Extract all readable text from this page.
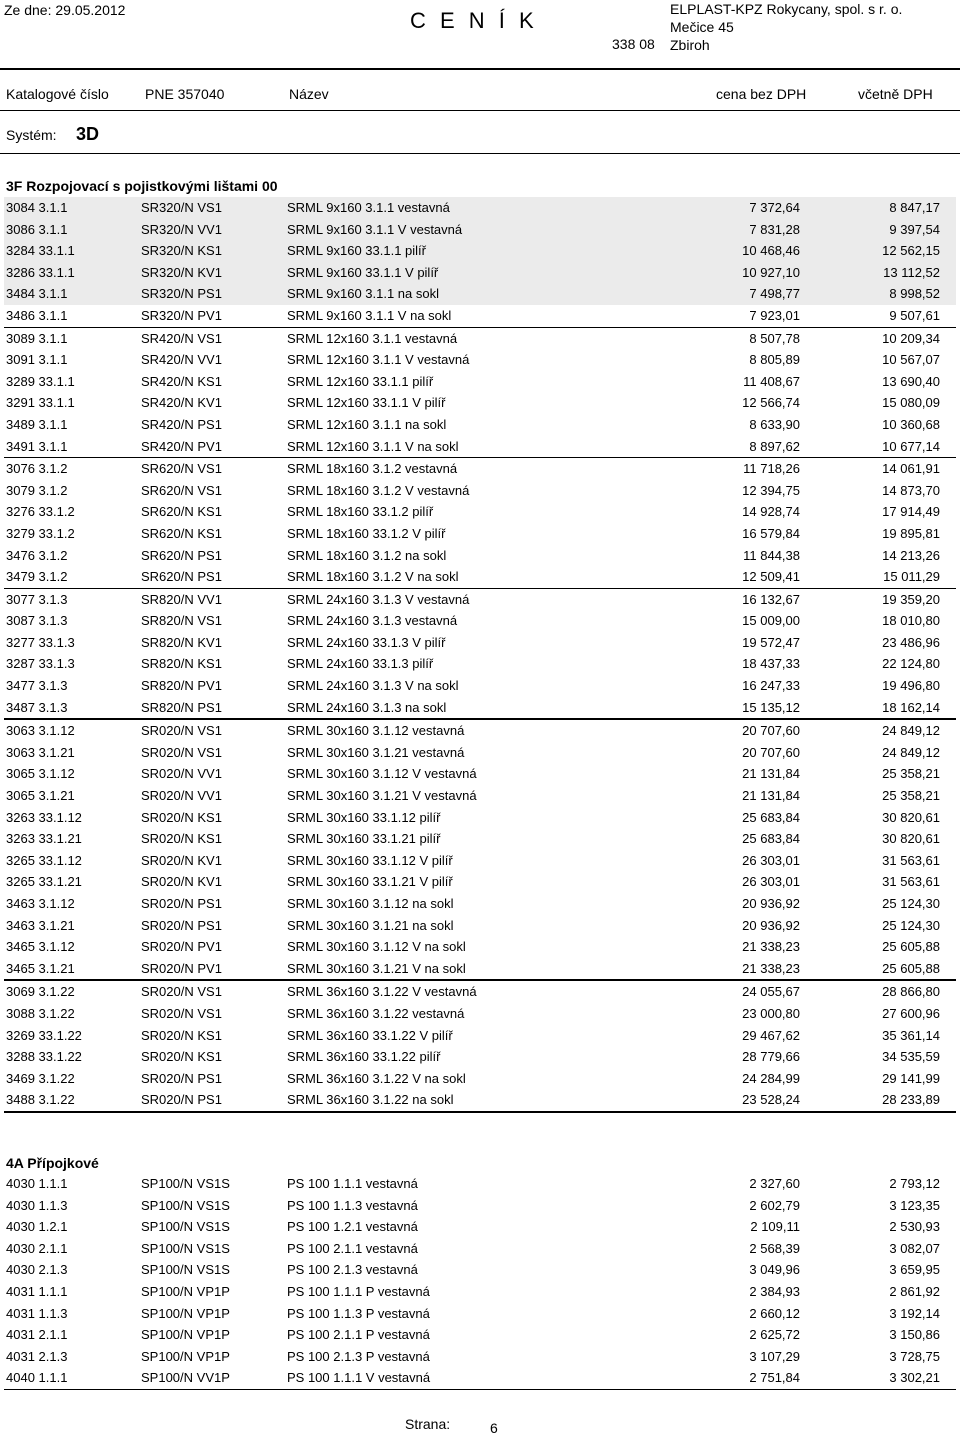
Ze dne: 29.05.2012	C E N Í K	ELPLAST-KPZ Rokycany, spol. s r. o.
Mečice 45
Zbiroh
338 08
Katalogové číslo	PNE 357040	Název	cena bez DPH	včetně DPH
Systém: 3D
3F Rozpojovací s pojistkovými lištami 00
3084 3.1.1	SR320/N VS1	SRML 9x160 3.1.1 vestavná	7 372,64	8 847,17
3086 3.1.1	SR320/N VV1	SRML 9x160 3.1.1 V vestavná	7 831,28	9 397,54
3284 33.1.1	SR320/N KS1	SRML 9x160 33.1.1 pilíř	10 468,46	12 562,15
3286 33.1.1	SR320/N KV1	SRML 9x160 33.1.1 V pilíř	10 927,10	13 112,52
3484 3.1.1	SR320/N PS1	SRML 9x160 3.1.1 na sokl	7 498,77	8 998,52
3486 3.1.1	SR320/N PV1	SRML 9x160 3.1.1 V na sokl	7 923,01	9 507,61
3089 3.1.1	SR420/N VS1	SRML 12x160 3.1.1 vestavná	8 507,78	10 209,34
3091 3.1.1	SR420/N VV1	SRML 12x160 3.1.1 V vestavná	8 805,89	10 567,07
3289 33.1.1	SR420/N KS1	SRML 12x160 33.1.1 pilíř	11 408,67	13 690,40
3291 33.1.1	SR420/N KV1	SRML 12x160 33.1.1 V pilíř	12 566,74	15 080,09
3489 3.1.1	SR420/N PS1	SRML 12x160 3.1.1 na sokl	8 633,90	10 360,68
3491 3.1.1	SR420/N PV1	SRML 12x160 3.1.1 V na sokl	8 897,62	10 677,14
3076 3.1.2	SR620/N VS1	SRML 18x160 3.1.2 vestavná	11 718,26	14 061,91
3079 3.1.2	SR620/N VS1	SRML 18x160 3.1.2 V vestavná	12 394,75	14 873,70
3276 33.1.2	SR620/N KS1	SRML 18x160 33.1.2 pilíř	14 928,74	17 914,49
3279 33.1.2	SR620/N KS1	SRML 18x160 33.1.2 V pilíř	16 579,84	19 895,81
3476 3.1.2	SR620/N PS1	SRML 18x160 3.1.2 na sokl	11 844,38	14 213,26
3479 3.1.2	SR620/N PS1	SRML 18x160 3.1.2 V na sokl	12 509,41	15 011,29
3077 3.1.3	SR820/N VV1	SRML 24x160 3.1.3 V vestavná	16 132,67	19 359,20
3087 3.1.3	SR820/N VS1	SRML 24x160 3.1.3 vestavná	15 009,00	18 010,80
3277 33.1.3	SR820/N KV1	SRML 24x160 33.1.3 V pilíř	19 572,47	23 486,96
3287 33.1.3	SR820/N KS1	SRML 24x160 33.1.3 pilíř	18 437,33	22 124,80
3477 3.1.3	SR820/N PV1	SRML 24x160 3.1.3 V na sokl	16 247,33	19 496,80
3487 3.1.3	SR820/N PS1	SRML 24x160 3.1.3 na sokl	15 135,12	18 162,14
3063 3.1.12	SR020/N VS1	SRML 30x160 3.1.12 vestavná	20 707,60	24 849,12
3063 3.1.21	SR020/N VS1	SRML 30x160 3.1.21 vestavná	20 707,60	24 849,12
3065 3.1.12	SR020/N VV1	SRML 30x160 3.1.12 V vestavná	21 131,84	25 358,21
3065 3.1.21	SR020/N VV1	SRML 30x160 3.1.21 V vestavná	21 131,84	25 358,21
3263 33.1.12	SR020/N KS1	SRML 30x160 33.1.12 pilíř	25 683,84	30 820,61
3263 33.1.21	SR020/N KS1	SRML 30x160 33.1.21 pilíř	25 683,84	30 820,61
3265 33.1.12	SR020/N KV1	SRML 30x160 33.1.12 V pilíř	26 303,01	31 563,61
3265 33.1.21	SR020/N KV1	SRML 30x160 33.1.21 V pilíř	26 303,01	31 563,61
3463 3.1.12	SR020/N PS1	SRML 30x160 3.1.12 na sokl	20 936,92	25 124,30
3463 3.1.21	SR020/N PS1	SRML 30x160 3.1.21 na sokl	20 936,92	25 124,30
3465 3.1.12	SR020/N PV1	SRML 30x160 3.1.12 V na sokl	21 338,23	25 605,88
3465 3.1.21	SR020/N PV1	SRML 30x160 3.1.21 V na sokl	21 338,23	25 605,88
3069 3.1.22	SR020/N VS1	SRML 36x160 3.1.22 V vestavná	24 055,67	28 866,80
3088 3.1.22	SR020/N VS1	SRML 36x160 3.1.22 vestavná	23 000,80	27 600,96
3269 33.1.22	SR020/N KS1	SRML 36x160 33.1.22 V pilíř	29 467,62	35 361,14
3288 33.1.22	SR020/N KS1	SRML 36x160 33.1.22 pilíř	28 779,66	34 535,59
3469 3.1.22	SR020/N PS1	SRML 36x160 3.1.22 V na sokl	24 284,99	29 141,99
3488 3.1.22	SR020/N PS1	SRML 36x160 3.1.22 na sokl	23 528,24	28 233,89
4A Přípojkové
4030 1.1.1	SP100/N VS1S	PS 100 1.1.1 vestavná	2 327,60	2 793,12
4030 1.1.3	SP100/N VS1S	PS 100 1.1.3 vestavná	2 602,79	3 123,35
4030 1.2.1	SP100/N VS1S	PS 100 1.2.1 vestavná	2 109,11	2 530,93
4030 2.1.1	SP100/N VS1S	PS 100 2.1.1 vestavná	2 568,39	3 082,07
4030 2.1.3	SP100/N VS1S	PS 100 2.1.3 vestavná	3 049,96	3 659,95
4031 1.1.1	SP100/N VP1P	PS 100 1.1.1 P vestavná	2 384,93	2 861,92
4031 1.1.3	SP100/N VP1P	PS 100 1.1.3 P vestavná	2 660,12	3 192,14
4031 2.1.1	SP100/N VP1P	PS 100 2.1.1 P vestavná	2 625,72	3 150,86
4031 2.1.3	SP100/N VP1P	PS 100 2.1.3 P vestavná	3 107,29	3 728,75
4040 1.1.1	SP100/N VV1P	PS 100 1.1.1 V vestavná	2 751,84	3 302,21
Strana:	6
